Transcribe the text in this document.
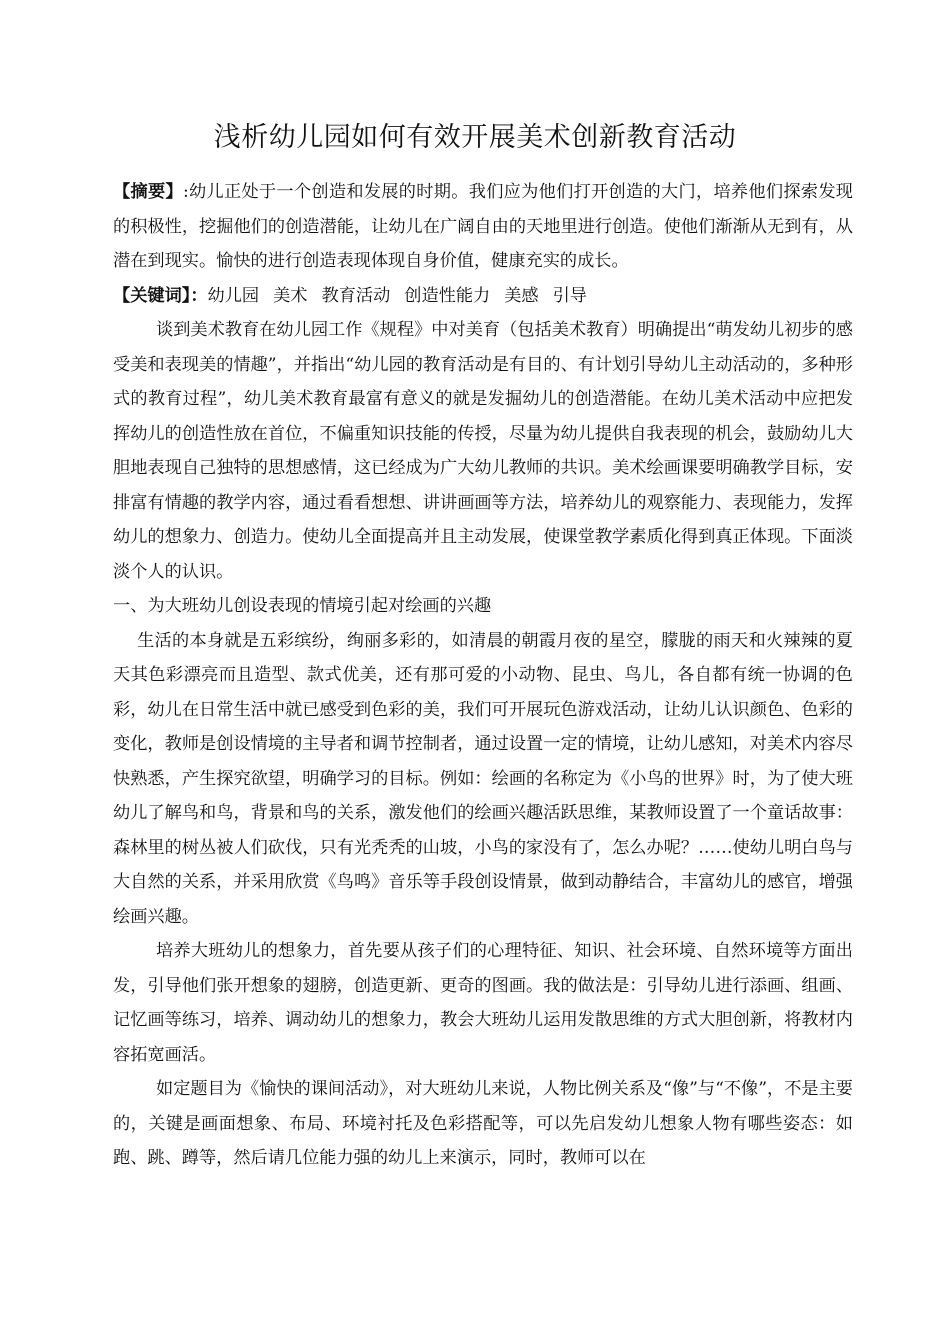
浅析幼儿园如何有效开展美术创新教育活动

【摘要】:幼儿正处于一个创造和发展的时期。我们应为他们打开创造的大门，培养他们探索发现的积极性，挖掘他们的创造潜能，让幼儿在广阔自由的天地里进行创造。使他们渐渐从无到有，从潜在到现实。愉快的进行创造表现体现自身价值，健康充实的成长。

【关键词】：幼儿园 美术 教育活动 创造性能力 美感 引导

谈到美术教育在幼儿园工作《规程》中对美育（包括美术教育）明确提出“萌发幼儿初步的感受美和表现美的情趣”，并指出“幼儿园的教育活动是有目的、有计划引导幼儿主动活动的，多种形式的教育过程”，幼儿美术教育最富有意义的就是发掘幼儿的创造潜能。在幼儿美术活动中应把发挥幼儿的创造性放在首位，不偏重知识技能的传授，尽量为幼儿提供自我表现的机会，鼓励幼儿大胆地表现自己独特的思想感情，这已经成为广大幼儿教师的共识。美术绘画课要明确教学目标，安排富有情趣的教学内容，通过看看想想、讲讲画画等方法，培养幼儿的观察能力、表现能力，发挥幼儿的想象力、创造力。使幼儿全面提高并且主动发展，使课堂教学素质化得到真正体现。下面淡淡个人的认识。

一、为大班幼儿创设表现的情境引起对绘画的兴趣

生活的本身就是五彩缤纷，绚丽多彩的，如清晨的朝霞月夜的星空，朦胧的雨天和火辣辣的夏天其色彩漂亮而且造型、款式优美，还有那可爱的小动物、昆虫、鸟儿，各自都有统一协调的色彩，幼儿在日常生活中就已感受到色彩的美，我们可开展玩色游戏活动，让幼儿认识颜色、色彩的变化，教师是创设情境的主导者和调节控制者，通过设置一定的情境，让幼儿感知，对美术内容尽快熟悉，产生探究欲望，明确学习的目标。例如：绘画的名称定为《小鸟的世界》时，为了使大班幼儿了解鸟和鸟，背景和鸟的关系，激发他们的绘画兴趣活跃思维，某教师设置了一个童话故事：森林里的树丛被人们砍伐，只有光秃秃的山坡，小鸟的家没有了，怎么办呢？……使幼儿明白鸟与大自然的关系，并采用欣赏《鸟鸣》音乐等手段创设情景，做到动静结合，丰富幼儿的感官，增强绘画兴趣。

培养大班幼儿的想象力，首先要从孩子们的心理特征、知识、社会环境、自然环境等方面出发，引导他们张开想象的翅膀，创造更新、更奇的图画。我的做法是：引导幼儿进行添画、组画、记忆画等练习，培养、调动幼儿的想象力，教会大班幼儿运用发散思维的方式大胆创新，将教材内容拓宽画活。

如定题目为《愉快的课间活动》，对大班幼儿来说，人物比例关系及“像”与“不像”，不是主要的，关键是画面想象、布局、环境衬托及色彩搭配等，可以先启发幼儿想象人物有哪些姿态：如跑、跳、蹲等，然后请几位能力强的幼儿上来演示，同时，教师可以在
